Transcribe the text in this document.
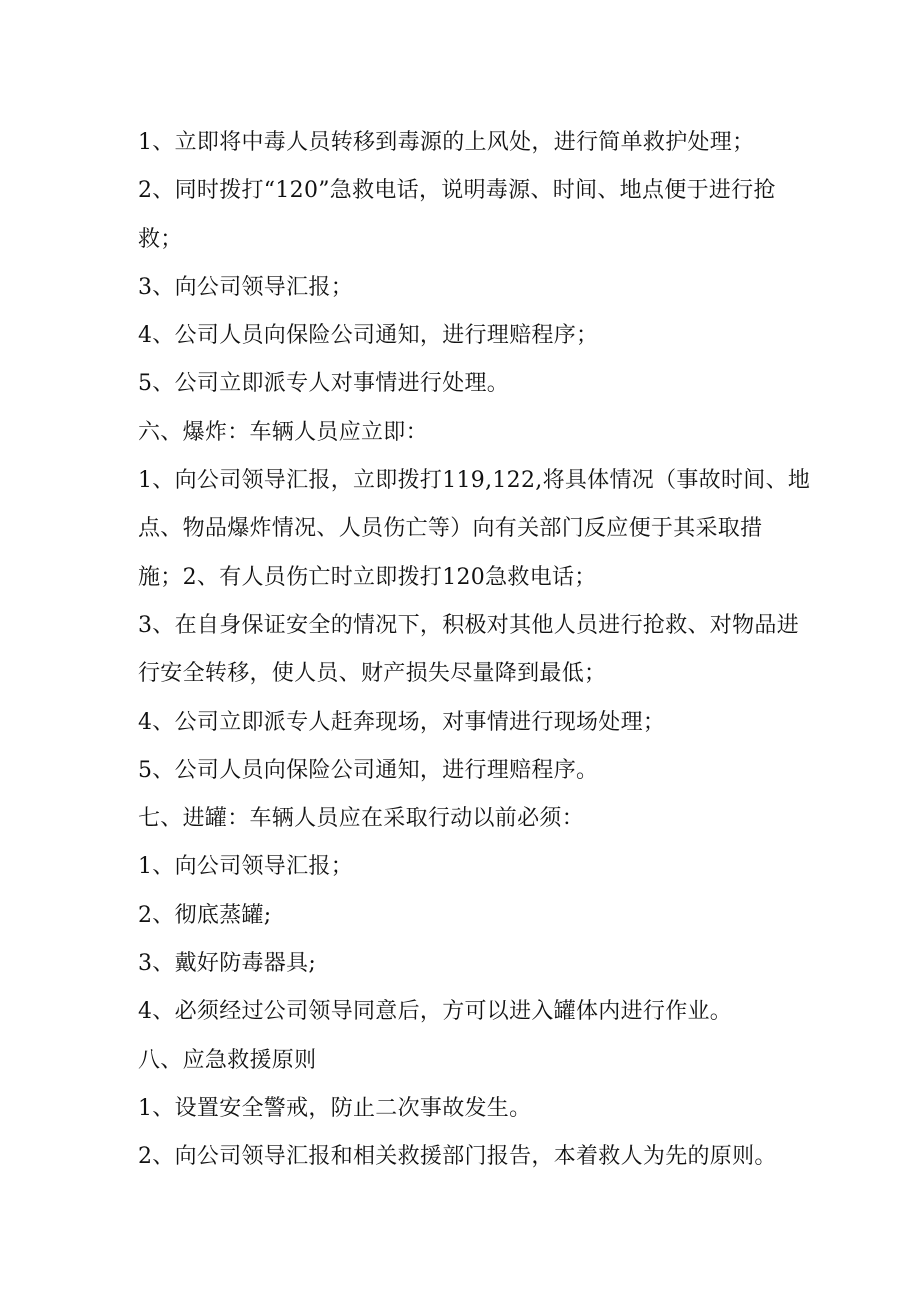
1、立即将中毒人员转移到毒源的上风处，进行简单救护处理；
2、同时拨打“120”急救电话，说明毒源、时间、地点便于进行抢
救；
3、向公司领导汇报；
4、公司人员向保险公司通知，进行理赔程序；
5、公司立即派专人对事情进行处理。
六、爆炸：车辆人员应立即：
1、向公司领导汇报，立即拨打119,122,将具体情况（事故时间、地
点、物品爆炸情况、人员伤亡等）向有关部门反应便于其采取措
施；2、有人员伤亡时立即拨打120急救电话；
3、在自身保证安全的情况下，积极对其他人员进行抢救、对物品进
行安全转移，使人员、财产损失尽量降到最低；
4、公司立即派专人赶奔现场，对事情进行现场处理；
5、公司人员向保险公司通知，进行理赔程序。
七、进罐：车辆人员应在采取行动以前必须：
1、向公司领导汇报；
2、彻底蒸罐;
3、戴好防毒器具;
4、必须经过公司领导同意后，方可以进入罐体内进行作业。
八、应急救援原则
1、设置安全警戒，防止二次事故发生。
2、向公司领导汇报和相关救援部门报告，本着救人为先的原则。
